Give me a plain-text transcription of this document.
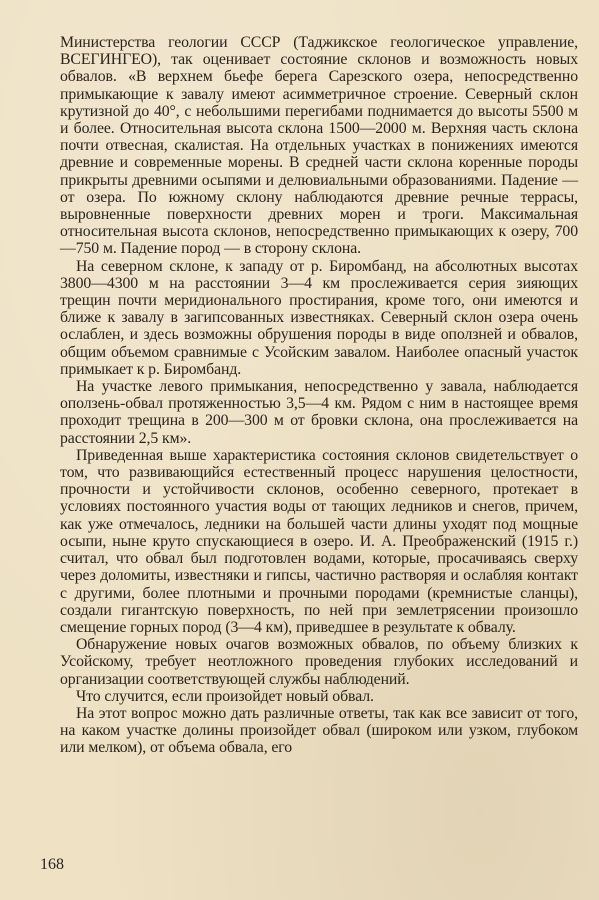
Министерства геологии СССР (Таджикское геологическое управление, ВСЕГИНГЕО), так оценивает состояние склонов и возможность новых обвалов. «В верхнем бьефе берега Сарезского озера, непосредственно примыкающие к завалу имеют асимметричное строение. Северный склон крутизной до 40°, с небольшими перегибами поднимается до высоты 5500 м и более. Относительная высота склона 1500—2000 м. Верхняя часть склона почти отвесная, скалистая. На отдельных участках в понижениях имеются древние и современные морены. В средней части склона коренные породы прикрыты древними осыпями и делювиальными образованиями. Падение — от озера. По южному склону наблюдаются древние речные террасы, выровненные поверхности древних морен и троги. Максимальная относительная высота склонов, непосредственно примыкающих к озеру, 700—750 м. Падение пород — в сторону склона.

На северном склоне, к западу от р. Биромбанд, на абсолютных высотах 3800—4300 м на расстоянии 3—4 км прослеживается серия зияющих трещин почти меридионального простирания, кроме того, они имеются и ближе к завалу в загипсованных известняках. Северный склон озера очень ослаблен, и здесь возможны обрушения породы в виде оползней и обвалов, общим объемом сравнимые с Усойским завалом. Наиболее опасный участок примыкает к р. Биромбанд.

На участке левого примыкания, непосредственно у завала, наблюдается оползень-обвал протяженностью 3,5—4 км. Рядом с ним в настоящее время проходит трещина в 200—300 м от бровки склона, она прослеживается на расстоянии 2,5 км».

Приведенная выше характеристика состояния склонов свидетельствует о том, что развивающийся естественный процесс нарушения целостности, прочности и устойчивости склонов, особенно северного, протекает в условиях постоянного участия воды от тающих ледников и снегов, причем, как уже отмечалось, ледники на большей части длины уходят под мощные осыпи, ныне круто спускающиеся в озеро. И. А. Преображенский (1915 г.) считал, что обвал был подготовлен водами, которые, просачиваясь сверху через доломиты, известняки и гипсы, частично растворяя и ослабляя контакт с другими, более плотными и прочными породами (кремнистые сланцы), создали гигантскую поверхность, по ней при землетрясении произошло смещение горных пород (3—4 км), приведшее в результате к обвалу.

Обнаружение новых очагов возможных обвалов, по объему близких к Усойскому, требует неотложного проведения глубоких исследований и организации соответствующей службы наблюдений.

Что случится, если произойдет новый обвал.

На этот вопрос можно дать различные ответы, так как все зависит от того, на каком участке долины произойдет обвал (широком или узком, глубоком или мелком), от объема обвала, его

168
